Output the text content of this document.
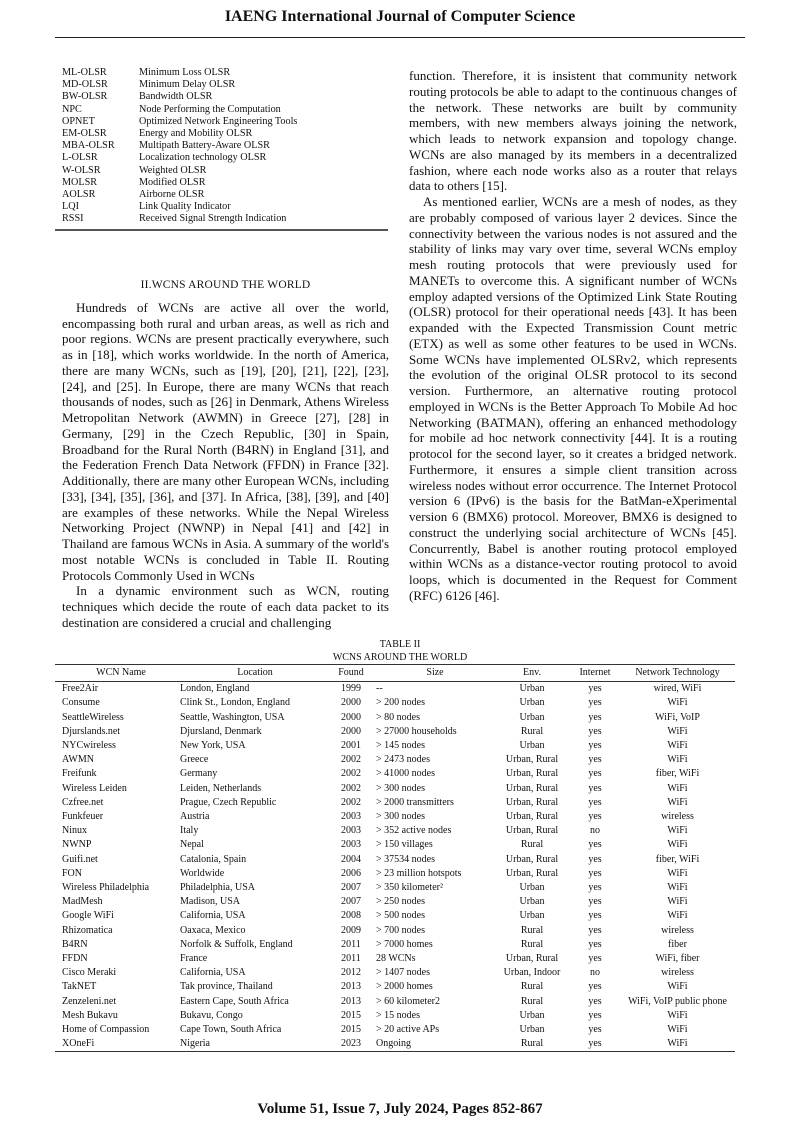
IAENG International Journal of Computer Science
ML-OLSR	Minimum Loss OLSR
MD-OLSR	Minimum Delay OLSR
BW-OLSR	Bandwidth OLSR
NPC	Node Performing the Computation
OPNET	Optimized Network Engineering Tools
EM-OLSR	Energy and Mobility OLSR
MBA-OLSR	Multipath Battery-Aware OLSR
L-OLSR	Localization technology OLSR
W-OLSR	Weighted OLSR
MOLSR	Modified OLSR
AOLSR	Airborne OLSR
LQI	Link Quality Indicator
RSSI	Received Signal Strength Indication

II.WCNS AROUND THE WORLD

Hundreds of WCNs are active all over the world, encompassing both rural and urban areas, as well as rich and poor regions. WCNs are present practically everywhere, such as in [18], which works worldwide. In the north of America, there are many WCNs, such as [19], [20], [21], [22], [23], [24], and [25]. In Europe, there are many WCNs that reach thousands of nodes, such as [26] in Denmark, Athens Wireless Metropolitan Network (AWMN) in Greece [27], [28] in Germany, [29] in the Czech Republic, [30] in Spain, Broadband for the Rural North (B4RN) in England [31], and the Federation French Data Network (FFDN) in France [32]. Additionally, there are many other European WCNs, including [33], [34], [35], [36], and [37]. In Africa, [38], [39], and [40] are examples of these networks. While the Nepal Wireless Networking Project (NWNP) in Nepal [41] and [42] in Thailand are famous WCNs in Asia. A summary of the world's most notable WCNs is concluded in Table II. Routing Protocols Commonly Used in WCNs

In a dynamic environment such as WCN, routing techniques which decide the route of each data packet to its destination are considered a crucial and challenging

function. Therefore, it is insistent that community network routing protocols be able to adapt to the continuous changes of the network. These networks are built by community members, with new members always joining the network, which leads to network expansion and topology change. WCNs are also managed by its members in a decentralized fashion, where each node works also as a router that relays data to others [15].

As mentioned earlier, WCNs are a mesh of nodes, as they are probably composed of various layer 2 devices. Since the connectivity between the various nodes is not assured and the stability of links may vary over time, several WCNs employ mesh routing protocols that were previously used for MANETs to overcome this. A significant number of WCNs employ adapted versions of the Optimized Link State Routing (OLSR) protocol for their operational needs [43]. It has been expanded with the Expected Transmission Count metric (ETX) as well as some other features to be used in WCNs. Some WCNs have implemented OLSRv2, which represents the evolution of the original OLSR protocol to its second version. Furthermore, an alternative routing protocol employed in WCNs is the Better Approach To Mobile Ad hoc Networking (BATMAN), offering an enhanced methodology for mobile ad hoc network connectivity [44]. It is a routing protocol for the second layer, so it creates a bridged network. Furthermore, it ensures a simple client transition across wireless nodes without error occurrence. The Internet Protocol version 6 (IPv6) is the basis for the BatMan-eXperimental version 6 (BMX6) protocol. Moreover, BMX6 is designed to construct the underlying social architecture of WCNs [45]. Concurrently, Babel is another routing protocol employed within WCNs as a distance-vector routing protocol to avoid loops, which is documented in the Request for Comment (RFC) 6126 [46].

TABLE II
WCNS AROUND THE WORLD
WCN Name	Location	Found	Size	Env.	Internet	Network Technology
Free2Air	London, England	1999	--	Urban	yes	wired, WiFi
Consume	Clink St., London, England	2000	> 200 nodes	Urban	yes	WiFi
SeattleWireless	Seattle, Washington, USA	2000	> 80 nodes	Urban	yes	WiFi, VoIP
Djurslands.net	Djursland, Denmark	2000	> 27000 households	Rural	yes	WiFi
NYCwireless	New York, USA	2001	> 145 nodes	Urban	yes	WiFi
AWMN	Greece	2002	> 2473 nodes	Urban, Rural	yes	WiFi
Freifunk	Germany	2002	> 41000 nodes	Urban, Rural	yes	fiber, WiFi
Wireless Leiden	Leiden, Netherlands	2002	> 300 nodes	Urban, Rural	yes	WiFi
Czfree.net	Prague, Czech Republic	2002	> 2000 transmitters	Urban, Rural	yes	WiFi
Funkfeuer	Austria	2003	> 300 nodes	Urban, Rural	yes	wireless
Ninux	Italy	2003	> 352 active nodes	Urban, Rural	no	WiFi
NWNP	Nepal	2003	> 150 villages	Rural	yes	WiFi
Guifi.net	Catalonia, Spain	2004	> 37534 nodes	Urban, Rural	yes	fiber, WiFi
FON	Worldwide	2006	> 23 million hotspots	Urban, Rural	yes	WiFi
Wireless Philadelphia	Philadelphia, USA	2007	> 350 kilometer²	Urban	yes	WiFi
MadMesh	Madison, USA	2007	> 250 nodes	Urban	yes	WiFi
Google WiFi	California, USA	2008	> 500 nodes	Urban	yes	WiFi
Rhizomatica	Oaxaca, Mexico	2009	> 700 nodes	Rural	yes	wireless
B4RN	Norfolk & Suffolk, England	2011	> 7000 homes	Rural	yes	fiber
FFDN	France	2011	28 WCNs	Urban, Rural	yes	WiFi, fiber
Cisco Meraki	California, USA	2012	> 1407 nodes	Urban, Indoor	no	wireless
TakNET	Tak province, Thailand	2013	> 2000 homes	Rural	yes	WiFi
Zenzeleni.net	Eastern Cape, South Africa	2013	> 60 kilometer2	Rural	yes	WiFi, VoIP public phone
Mesh Bukavu	Bukavu, Congo	2015	> 15 nodes	Urban	yes	WiFi
Home of Compassion	Cape Town, South Africa	2015	> 20 active APs	Urban	yes	WiFi
XOneFi	Nigeria	2023	Ongoing	Rural	yes	WiFi
Volume 51, Issue 7, July 2024, Pages 852-867
